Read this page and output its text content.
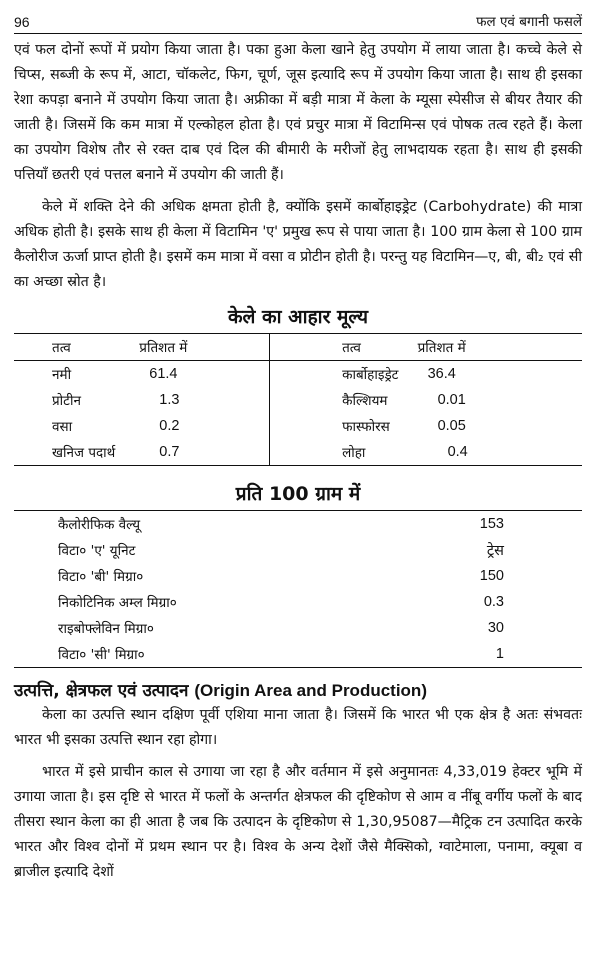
96	फल एवं बगानी फसलें

एवं फल दोनों रूपों में प्रयोग किया जाता है। पका हुआ केला खाने हेतु उपयोग में लाया जाता है। कच्चे केले से चिप्स, सब्जी के रूप में, आटा, चॉकलेट, फिग, चूर्ण, जूस इत्यादि रूप में उपयोग किया जाता है। साथ ही इसका रेशा कपड़ा बनाने में उपयोग किया जाता है। अफ्रीका में बड़ी मात्रा में केला के म्यूसा स्पेसीज से बीयर तैयार की जाती है। जिसमें कि कम मात्रा में एल्कोहल होता है। एवं प्रचुर मात्रा में विटामिन्स एवं पोषक तत्व रहते हैं। केला का उपयोग विशेष तौर से रक्त दाब एवं दिल की बीमारी के मरीजों हेतु लाभदायक रहता है। साथ ही इसकी पत्तियाँ छतरी एवं पत्तल बनाने में उपयोग की जाती हैं।

केले में शक्ति देने की अधिक क्षमता होती है, क्योंकि इसमें कार्बोहाइड्रेट (Carbohydrate) की मात्रा अधिक होती है। इसके साथ ही केला में विटामिन 'ए' प्रमुख रूप से पाया जाता है। 100 ग्राम केला से 100 ग्राम कैलोरीज ऊर्जा प्राप्त होती है। इसमें कम मात्रा में वसा व प्रोटीन होती है। परन्तु यह विटामिन—ए, बी, बी₂ एवं सी का अच्छा स्रोत है।

केले का आहार मूल्य
तत्व	प्रतिशत में	तत्व	प्रतिशत में
नमी	61.4	कार्बोहाइड्रेट	36.4
प्रोटीन	1.3	कैल्शियम	0.01
वसा	0.2	फास्फोरस	0.05
खनिज पदार्थ	0.7	लोहा	0.4
प्रति 100 ग्राम में
कैलोरीफिक वैल्यू	153
विटा० 'ए' यूनिट	ट्रेस
विटा० 'बी' मिग्रा०	150
निकोटिनिक अम्ल मिग्रा०	0.3
राइबोफ्लेविन मिग्रा०	30
विटा० 'सी' मिग्रा०	1
उत्पत्ति, क्षेत्रफल एवं उत्पादन (Origin Area and Production)

केला का उत्पत्ति स्थान दक्षिण पूर्वी एशिया माना जाता है। जिसमें कि भारत भी एक क्षेत्र है अतः संभवतः भारत भी इसका उत्पत्ति स्थान रहा होगा।

भारत में इसे प्राचीन काल से उगाया जा रहा है और वर्तमान में इसे अनुमानतः 4,33,019 हेक्टर भूमि में उगाया जाता है। इस दृष्टि से भारत में फलों के अन्तर्गत क्षेत्रफल की दृष्टिकोण से आम व नींबू वर्गीय फलों के बाद तीसरा स्थान केला का ही आता है जब कि उत्पादन के दृष्टिकोण से 1,30,95087—मैट्रिक टन उत्पादित करके भारत और विश्व दोनों में प्रथम स्थान पर है। विश्व के अन्य देशों जैसे मैक्सिको, ग्वाटेमाला, पनामा, क्यूबा व ब्राजील इत्यादि देशों
